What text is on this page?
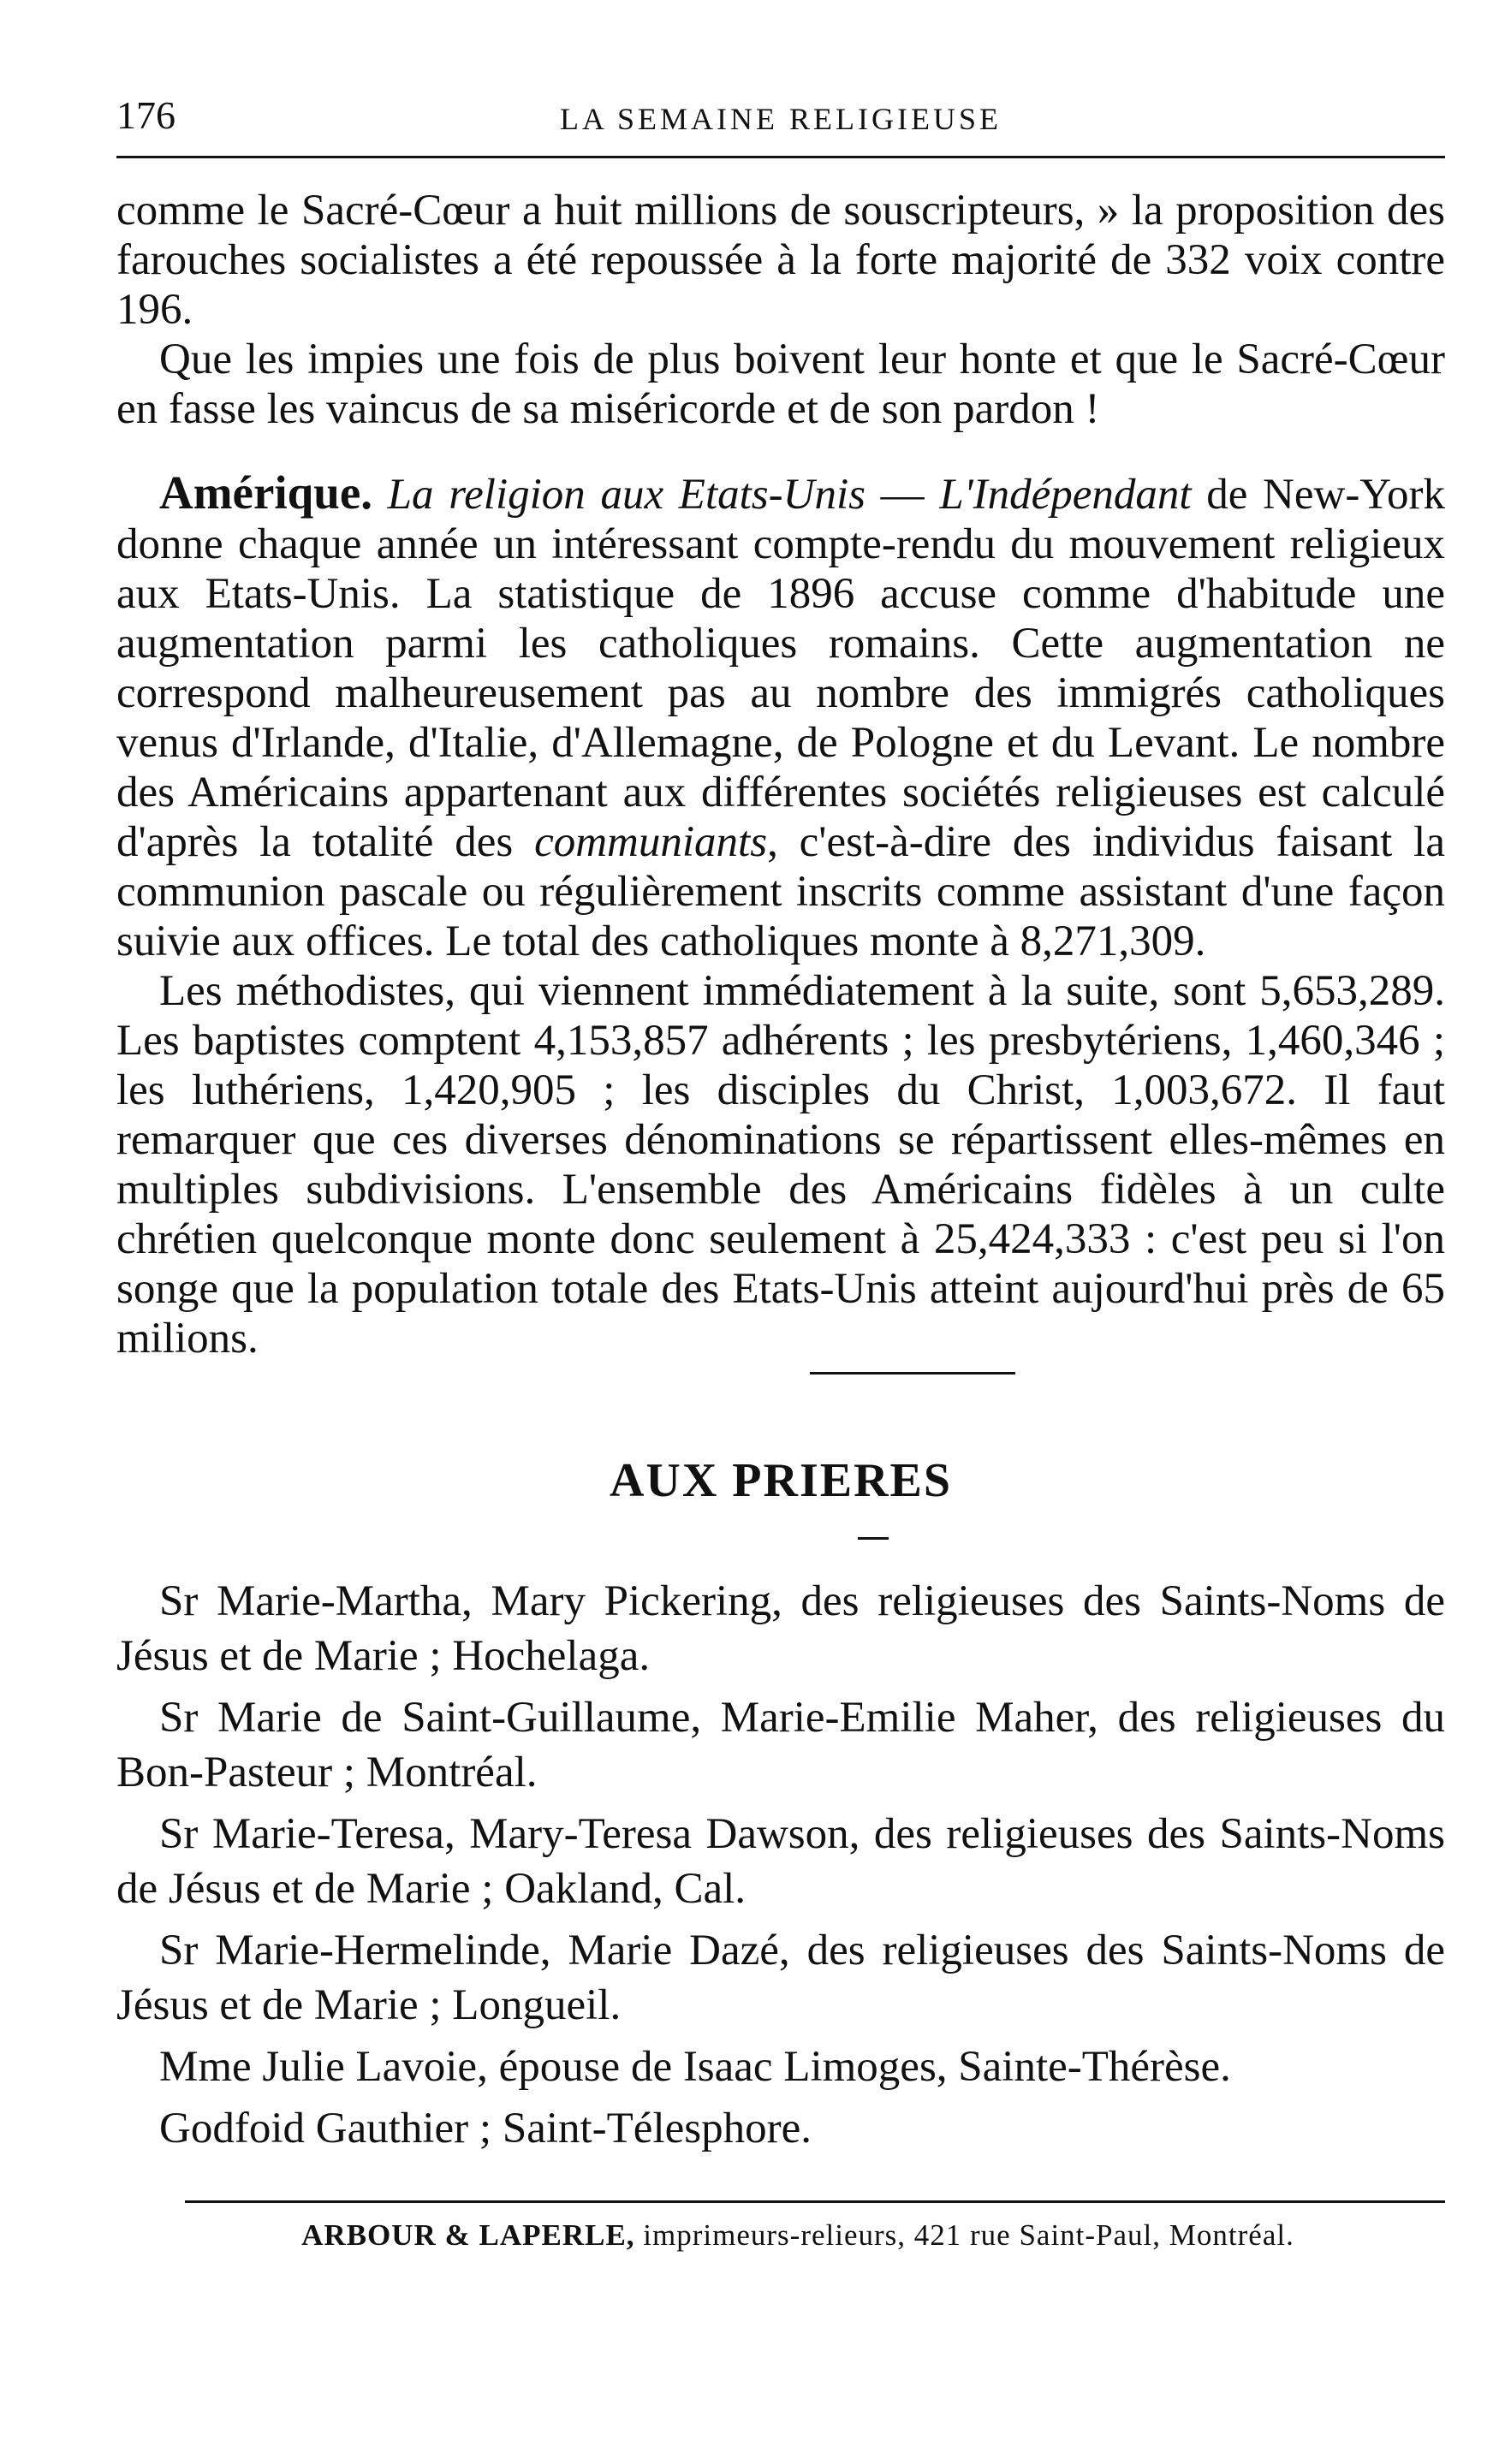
176	LA SEMAINE RELIGIEUSE

comme le Sacré-Cœur a huit millions de souscripteurs, » la proposition des farouches socialistes a été repoussée à la forte majorité de 332 voix contre 196.

Que les impies une fois de plus boivent leur honte et que le Sacré-Cœur en fasse les vaincus de sa miséricorde et de son pardon !

Amérique. La religion aux Etats-Unis — L'Indépendant de New-York donne chaque année un intéressant compte-rendu du mouvement religieux aux Etats-Unis. La statistique de 1896 accuse comme d'habitude une augmentation parmi les catholiques romains. Cette augmentation ne correspond malheureusement pas au nombre des immigrés catholiques venus d'Irlande, d'Italie, d'Allemagne, de Pologne et du Levant. Le nombre des Américains appartenant aux différentes sociétés religieuses est calculé d'après la totalité des communiants, c'est-à-dire des individus faisant la communion pascale ou régulièrement inscrits comme assistant d'une façon suivie aux offices. Le total des catholiques monte à 8,271,309.

Les méthodistes, qui viennent immédiatement à la suite, sont 5,653,289. Les baptistes comptent 4,153,857 adhérents ; les presbytériens, 1,460,346 ; les luthériens, 1,420,905 ; les disciples du Christ, 1,003,672. Il faut remarquer que ces diverses dénominations se répartissent elles-mêmes en multiples subdivisions. L'ensemble des Américains fidèles à un culte chrétien quelconque monte donc seulement à 25,424,333 : c'est peu si l'on songe que la population totale des Etats-Unis atteint aujourd'hui près de 65 milions.

AUX PRIERES

Sr Marie-Martha, Mary Pickering, des religieuses des Saints-Noms de Jésus et de Marie ; Hochelaga.

Sr Marie de Saint-Guillaume, Marie-Emilie Maher, des religieuses du Bon-Pasteur ; Montréal.

Sr Marie-Teresa, Mary-Teresa Dawson, des religieuses des Saints-Noms de Jésus et de Marie ; Oakland, Cal.

Sr Marie-Hermelinde, Marie Dazé, des religieuses des Saints-Noms de Jésus et de Marie ; Longueil.

Mme Julie Lavoie, épouse de Isaac Limoges, Sainte-Thérèse.

Godfoid Gauthier ; Saint-Télesphore.

ARBOUR & LAPERLE, imprimeurs-relieurs, 421 rue Saint-Paul, Montréal.
